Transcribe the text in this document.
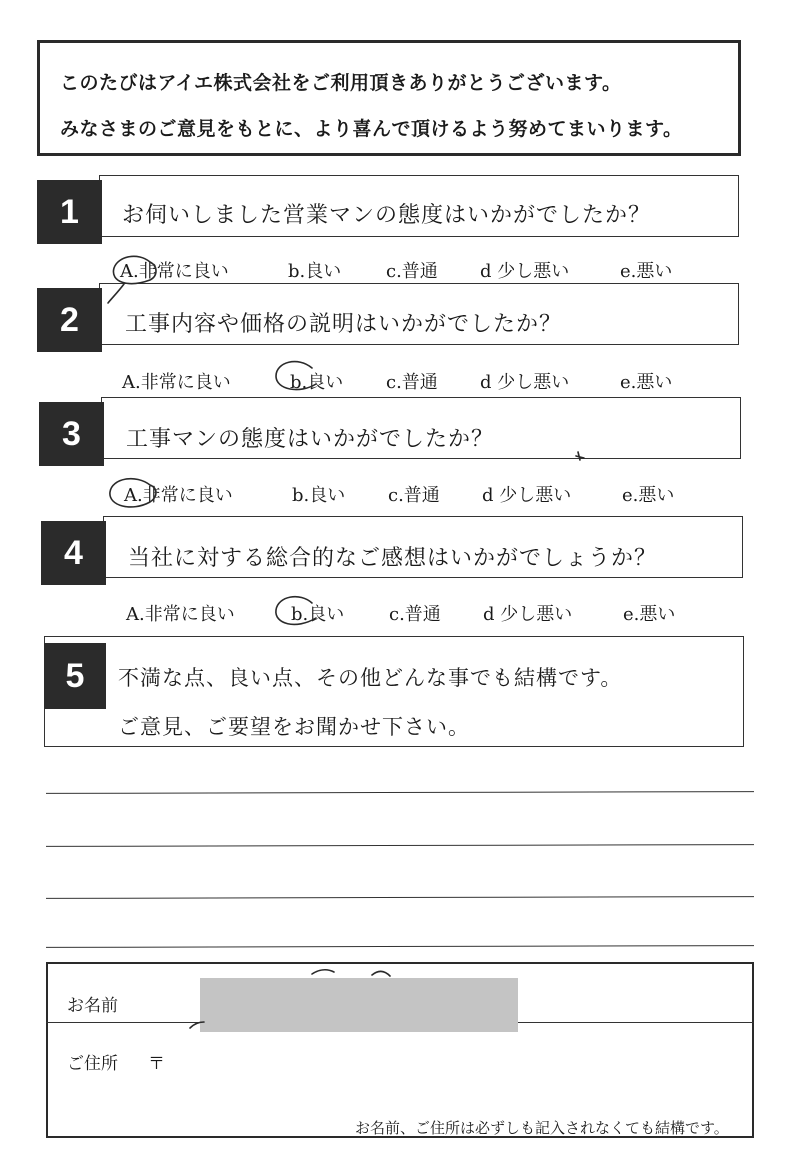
このたびはアイエ株式会社をご利用頂きありがとうございます。
みなさまのご意見をもとに、より喜んで頂けるよう努めてまいります。
1	お伺いしました営業マンの態度はいかがでしたか？
A.非常に良い	b.良い c.普通 d 少し悪い	e.悪い
2	工事内容や価格の説明はいかがでしたか？
A.非常に良い	b.良い c.普通 d 少し悪い	e.悪い
3	工事マンの態度はいかがでしたか？
A.非常に良い	b.良い c.普通 d 少し悪い	e.悪い
4	当社に対する総合的なご感想はいかがでしょうか？
A.非常に良い	b.良い c.普通 d 少し悪い	e.悪い
5	不満な点、良い点、その他どんな事でも結構です。
ご意見、ご要望をお聞かせ下さい。
お名前
ご住所 〒
お名前、ご住所は必ずしも記入されなくても結構です。
